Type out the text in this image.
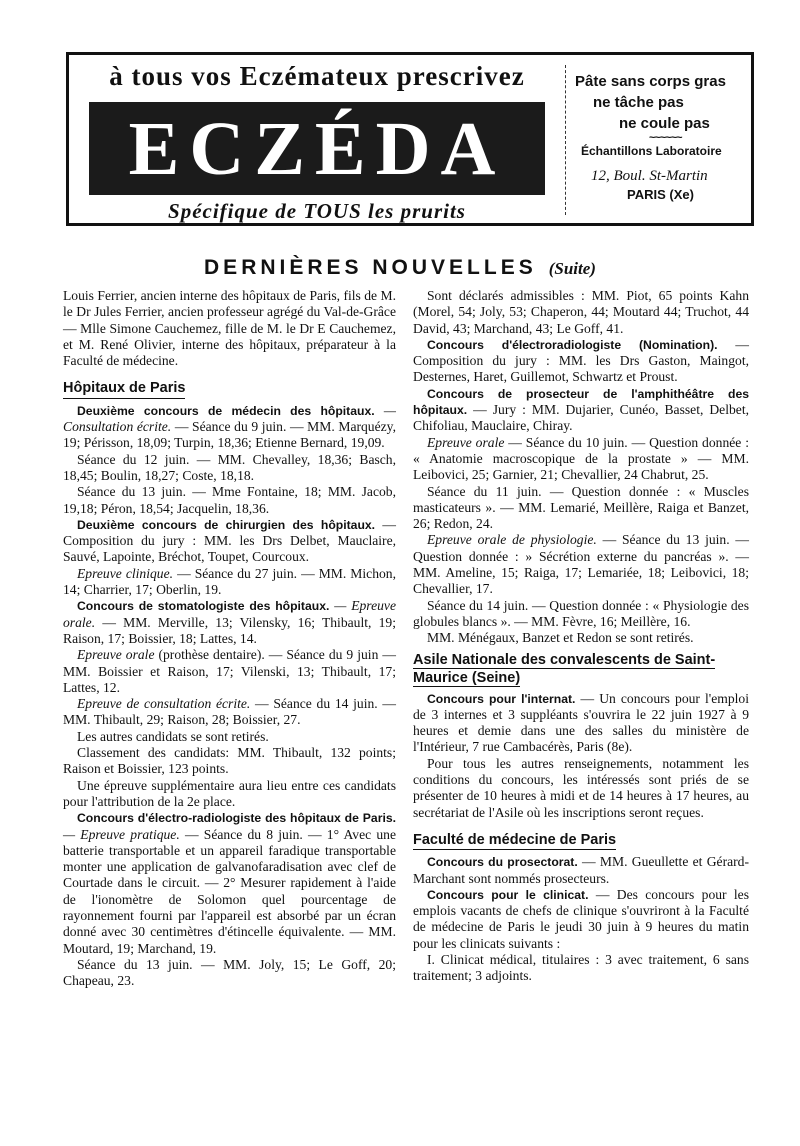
à tous vos Eczémateux prescrivez
ECZÉDA
Spécifique de TOUS les prurits
Pâte sans corps gras
ne tâche pas
ne coule pas
~~~~~~
Échantillons Laboratoire
12, Boul. St-Martin
PARIS (Xe)
DERNIÈRES NOUVELLES (Suite)

Louis Ferrier, ancien interne des hôpitaux de Paris, fils de M. le Dr Jules Ferrier, ancien professeur agrégé du Val-de-Grâce — Mlle Simone Cauchemez, fille de M. le Dr E Cauchemez, et M. René Olivier, interne des hôpitaux, préparateur à la Faculté de médecine.

Hôpitaux de Paris

Deuxième concours de médecin des hôpitaux. — Consultation écrite. — Séance du 9 juin. — MM. Marquézy, 19; Périsson, 18,09; Turpin, 18,36; Etienne Bernard, 19,09.

Séance du 12 juin. — MM. Chevalley, 18,36; Basch, 18,45; Boulin, 18,27; Coste, 18,18.

Séance du 13 juin. — Mme Fontaine, 18; MM. Jacob, 19,18; Péron, 18,54; Jacquelin, 18,36.

Deuxième concours de chirurgien des hôpitaux. — Composition du jury : MM. les Drs Delbet, Mauclaire, Sauvé, Lapointe, Bréchot, Toupet, Courcoux.

Epreuve clinique. — Séance du 27 juin. — MM. Michon, 14; Charrier, 17; Oberlin, 19.

Concours de stomatologiste des hôpitaux. — Epreuve orale. — MM. Merville, 13; Vilensky, 16; Thibault, 19; Raison, 17; Boissier, 18; Lattes, 14.

Epreuve orale (prothèse dentaire). — Séance du 9 juin — MM. Boissier et Raison, 17; Vilenski, 13; Thibault, 17; Lattes, 12.

Epreuve de consultation écrite. — Séance du 14 juin. — MM. Thibault, 29; Raison, 28; Boissier, 27.

Les autres candidats se sont retirés.

Classement des candidats: MM. Thibault, 132 points; Raison et Boissier, 123 points.

Une épreuve supplémentaire aura lieu entre ces candidats pour l'attribution de la 2e place.

Concours d'électro-radiologiste des hôpitaux de Paris. — Epreuve pratique. — Séance du 8 juin. — 1° Avec une batterie transportable et un appareil faradique transportable monter une application de galvanofaradisation avec clef de Courtade dans le circuit. — 2° Mesurer rapidement à l'aide de l'ionomètre de Solomon quel pourcentage de rayonnement fourni par l'appareil est absorbé par un écran donné avec 30 centimètres d'étincelle équivalente. — MM. Moutard, 19; Marchand, 19.

Séance du 13 juin. — MM. Joly, 15; Le Goff, 20; Chapeau, 23.

Sont déclarés admissibles : MM. Piot, 65 points Kahn (Morel, 54; Joly, 53; Chaperon, 44; Moutard 44; Truchot, 44 David, 43; Marchand, 43; Le Goff, 41.

Concours d'électroradiologiste (Nomination). — Composition du jury : MM. les Drs Gaston, Maingot, Desternes, Haret, Guillemot, Schwartz et Proust.

Concours de prosecteur de l'amphithéâtre des hôpitaux. — Jury : MM. Dujarier, Cunéo, Basset, Delbet, Chifoliau, Mauclaire, Chiray.

Epreuve orale — Séance du 10 juin. — Question donnée : « Anatomie macroscopique de la prostate » — MM. Leibovici, 25; Garnier, 21; Chevallier, 24 Chabrut, 25.

Séance du 11 juin. — Question donnée : « Muscles masticateurs ». — MM. Lemarié, Meillère, Raiga et Banzet, 26; Redon, 24.

Epreuve orale de physiologie. — Séance du 13 juin. — Question donnée : » Sécrétion externe du pancréas ». — MM. Ameline, 15; Raiga, 17; Lemariée, 18; Leibovici, 18; Chevallier, 17.

Séance du 14 juin. — Question donnée : « Physiologie des globules blancs ». — MM. Fèvre, 16; Meillère, 16.

MM. Ménégaux, Banzet et Redon se sont retirés.

Asile Nationale des convalescents de Saint-
Maurice (Seine)

Concours pour l'internat. — Un concours pour l'emploi de 3 internes et 3 suppléants s'ouvrira le 22 juin 1927 à 9 heures et demie dans une des salles du ministère de l'Intérieur, 7 rue Cambacérès, Paris (8e).

Pour tous les autres renseignements, notamment les conditions du concours, les intéressés sont priés de se présenter de 10 heures à midi et de 14 heures à 17 heures, au secrétariat de l'Asile où les inscriptions seront reçues.

Faculté de médecine de Paris

Concours du prosectorat. — MM. Gueullette et Gérard-Marchant sont nommés prosecteurs.

Concours pour le clinicat. — Des concours pour les emplois vacants de chefs de clinique s'ouvriront à la Faculté de médecine de Paris le jeudi 30 juin à 9 heures du matin pour les clinicats suivants :

I. Clinicat médical, titulaires : 3 avec traitement, 6 sans traitement; 3 adjoints.
